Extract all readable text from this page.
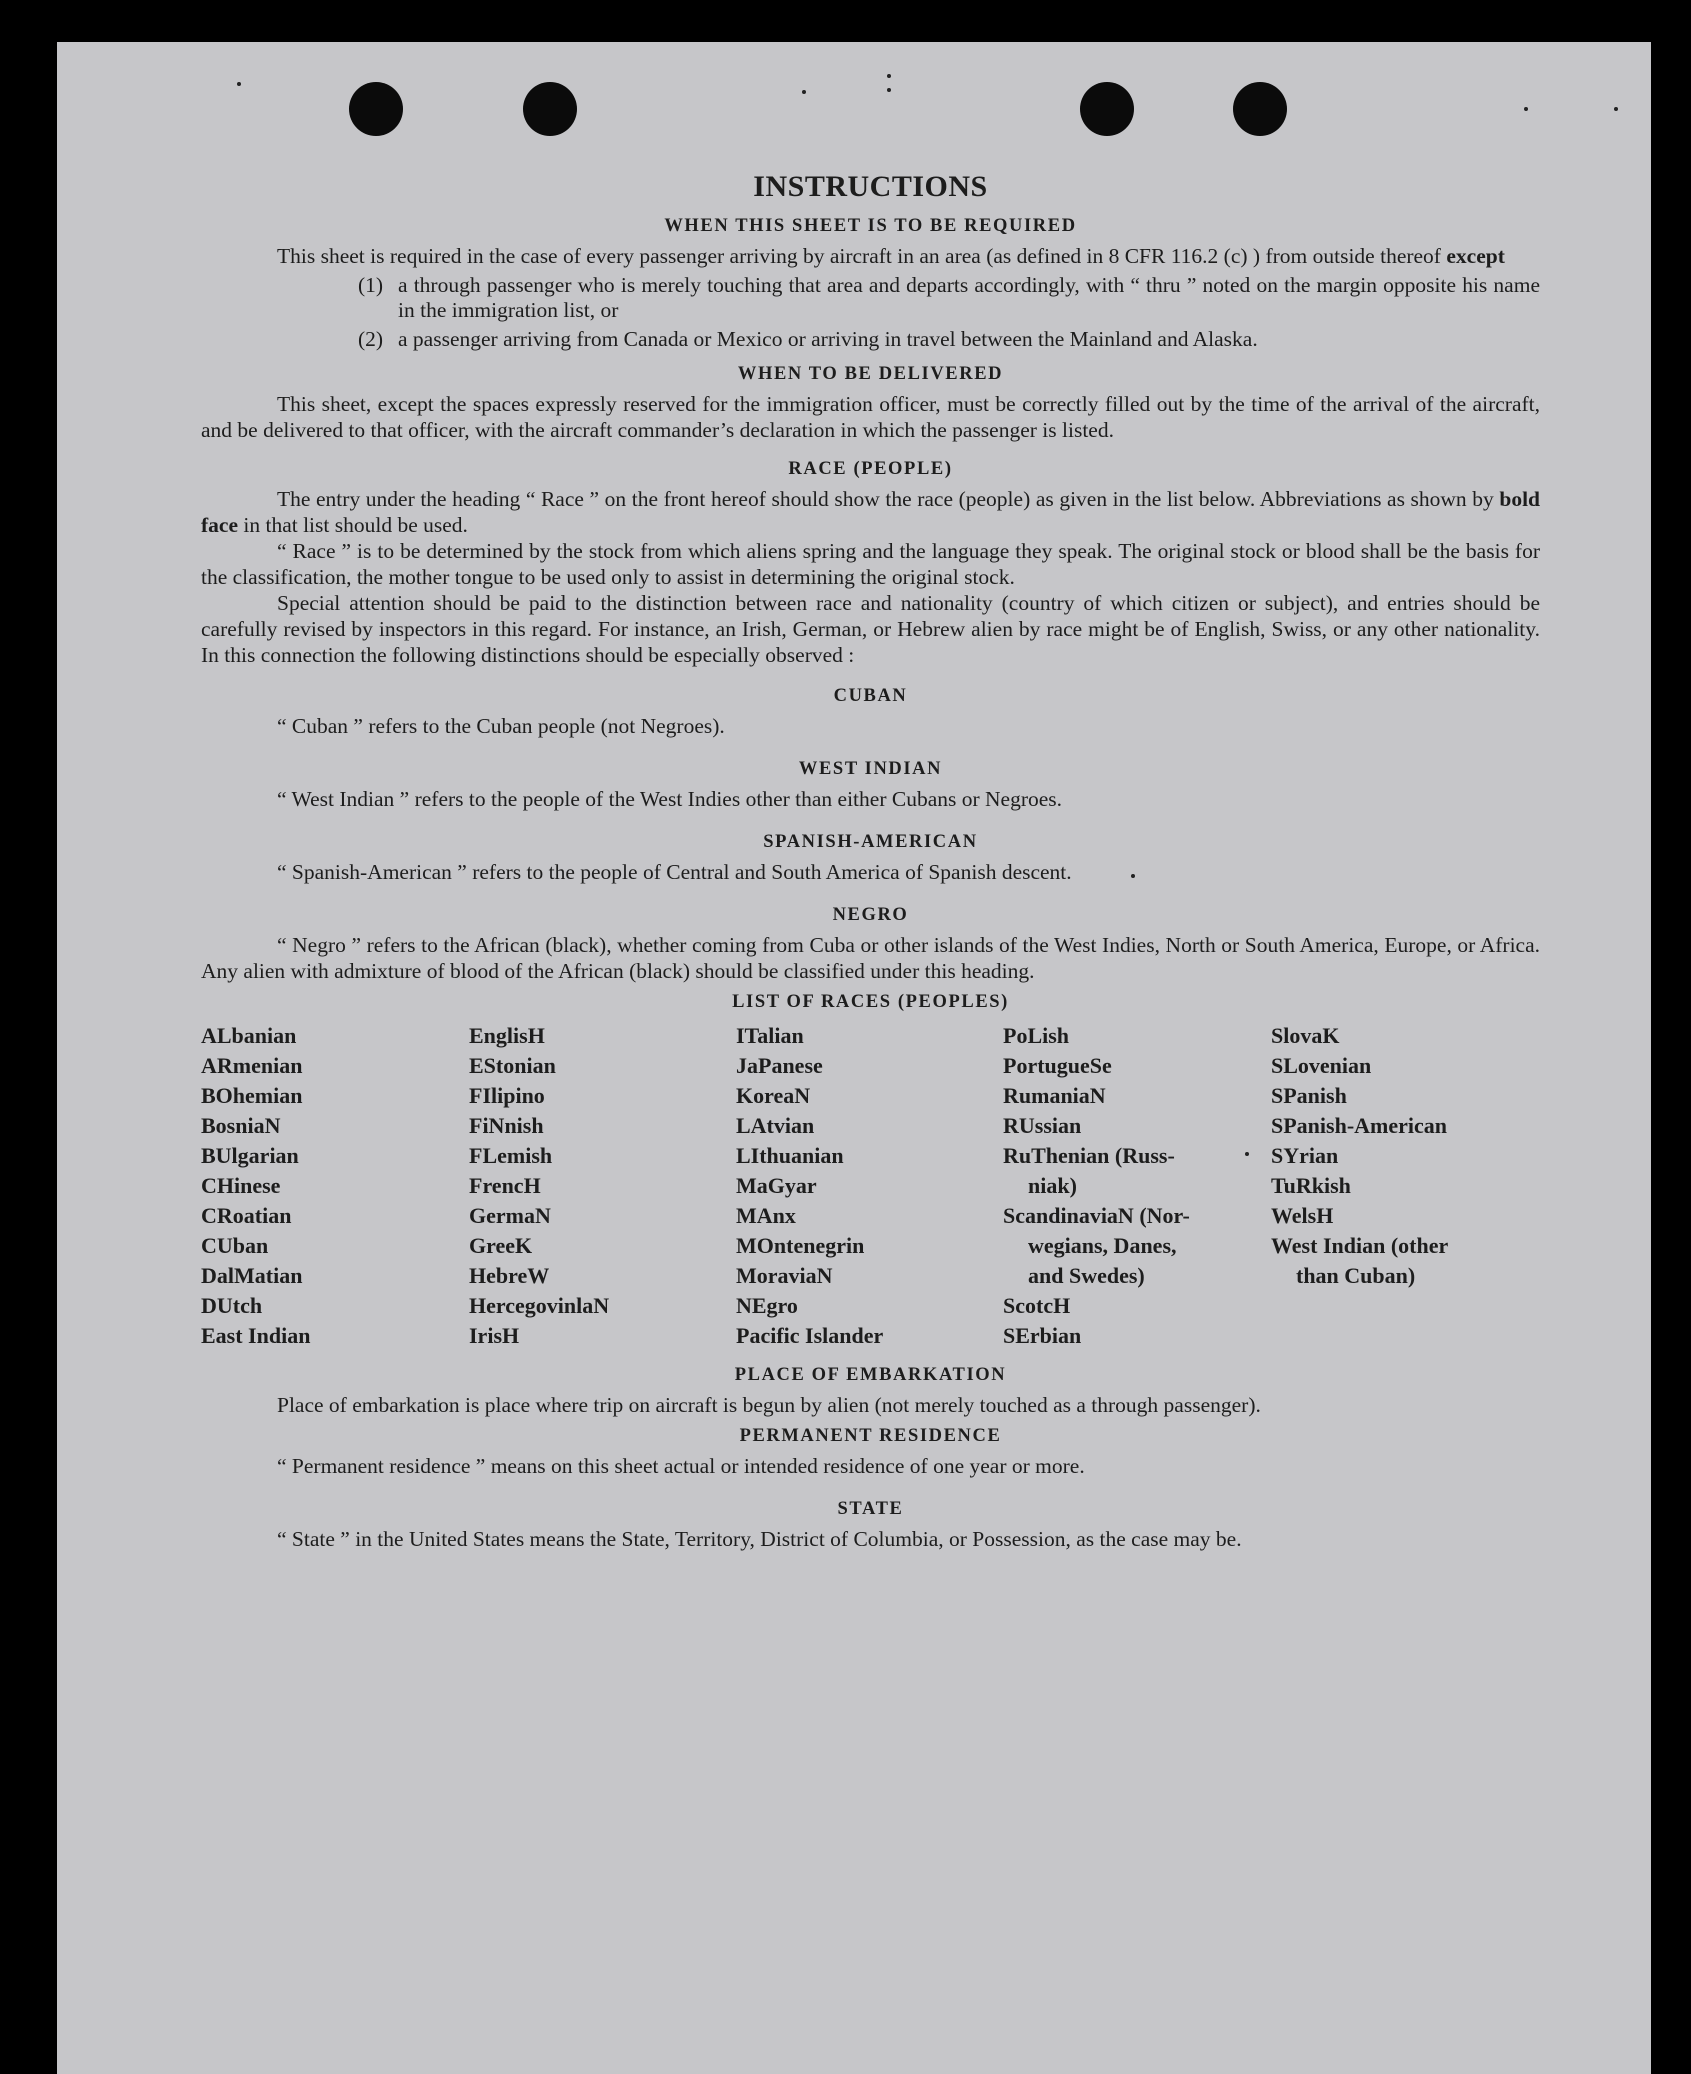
INSTRUCTIONS
WHEN THIS SHEET IS TO BE REQUIRED

This sheet is required in the case of every passenger arriving by aircraft in an area (as defined in 8 CFR 116.2 (c) ) from outside thereof except

(1) a through passenger who is merely touching that area and departs accordingly, with “ thru ” noted on the margin opposite his name in the immigration list, or
(2) a passenger arriving from Canada or Mexico or arriving in travel between the Mainland and Alaska.
WHEN TO BE DELIVERED

This sheet, except the spaces expressly reserved for the immigration officer, must be correctly filled out by the time of the arrival of the aircraft, and be delivered to that officer, with the aircraft commander’s declaration in which the passenger is listed.

RACE (PEOPLE)

The entry under the heading “ Race ” on the front hereof should show the race (people) as given in the list below. Abbreviations as shown by bold face in that list should be used.

“ Race ” is to be determined by the stock from which aliens spring and the language they speak. The original stock or blood shall be the basis for the classification, the mother tongue to be used only to assist in determining the original stock.

Special attention should be paid to the distinction between race and nationality (country of which citizen or subject), and entries should be carefully revised by inspectors in this regard. For instance, an Irish, German, or Hebrew alien by race might be of English, Swiss, or any other nationality. In this connection the following distinctions should be especially observed :

CUBAN

“ Cuban ” refers to the Cuban people (not Negroes).

WEST INDIAN

“ West Indian ” refers to the people of the West Indies other than either Cubans or Negroes.

SPANISH-AMERICAN

“ Spanish-American ” refers to the people of Central and South America of Spanish descent.

NEGRO

“ Negro ” refers to the African (black), whether coming from Cuba or other islands of the West Indies, North or South America, Europe, or Africa. Any alien with admixture of blood of the African (black) should be classified under this heading.

LIST OF RACES (PEOPLES)
ALbanian
ARmenian
BOhemian
BosniaN
BUlgarian
CHinese
CRoatian
CUban
DalMatian
DUtch
East Indian
EnglisH
EStonian
FIlipino
FiNnish
FLemish
FrencH
GermaN
GreeK
HebreW
HercegovinlaN
IrisH
ITalian
JaPanese
KoreaN
LAtvian
LIthuanian
MaGyar
MAnx
MOntenegrin
MoraviaN
NEgro
Pacific Islander
PoLish
PortugueSe
RumaniaN
RUssian
RuThenian (Russ-
niak)
ScandinaviaN (Nor-
wegians, Danes,
and Swedes)
ScotcH
SErbian
SlovaK
SLovenian
SPanish
SPanish-American
SYrian
TuRkish
WelsH
West Indian (other
than Cuban)
PLACE OF EMBARKATION

Place of embarkation is place where trip on aircraft is begun by alien (not merely touched as a through passenger).

PERMANENT RESIDENCE

“ Permanent residence ” means on this sheet actual or intended residence of one year or more.

STATE

“ State ” in the United States means the State, Territory, District of Columbia, or Possession, as the case may be.
